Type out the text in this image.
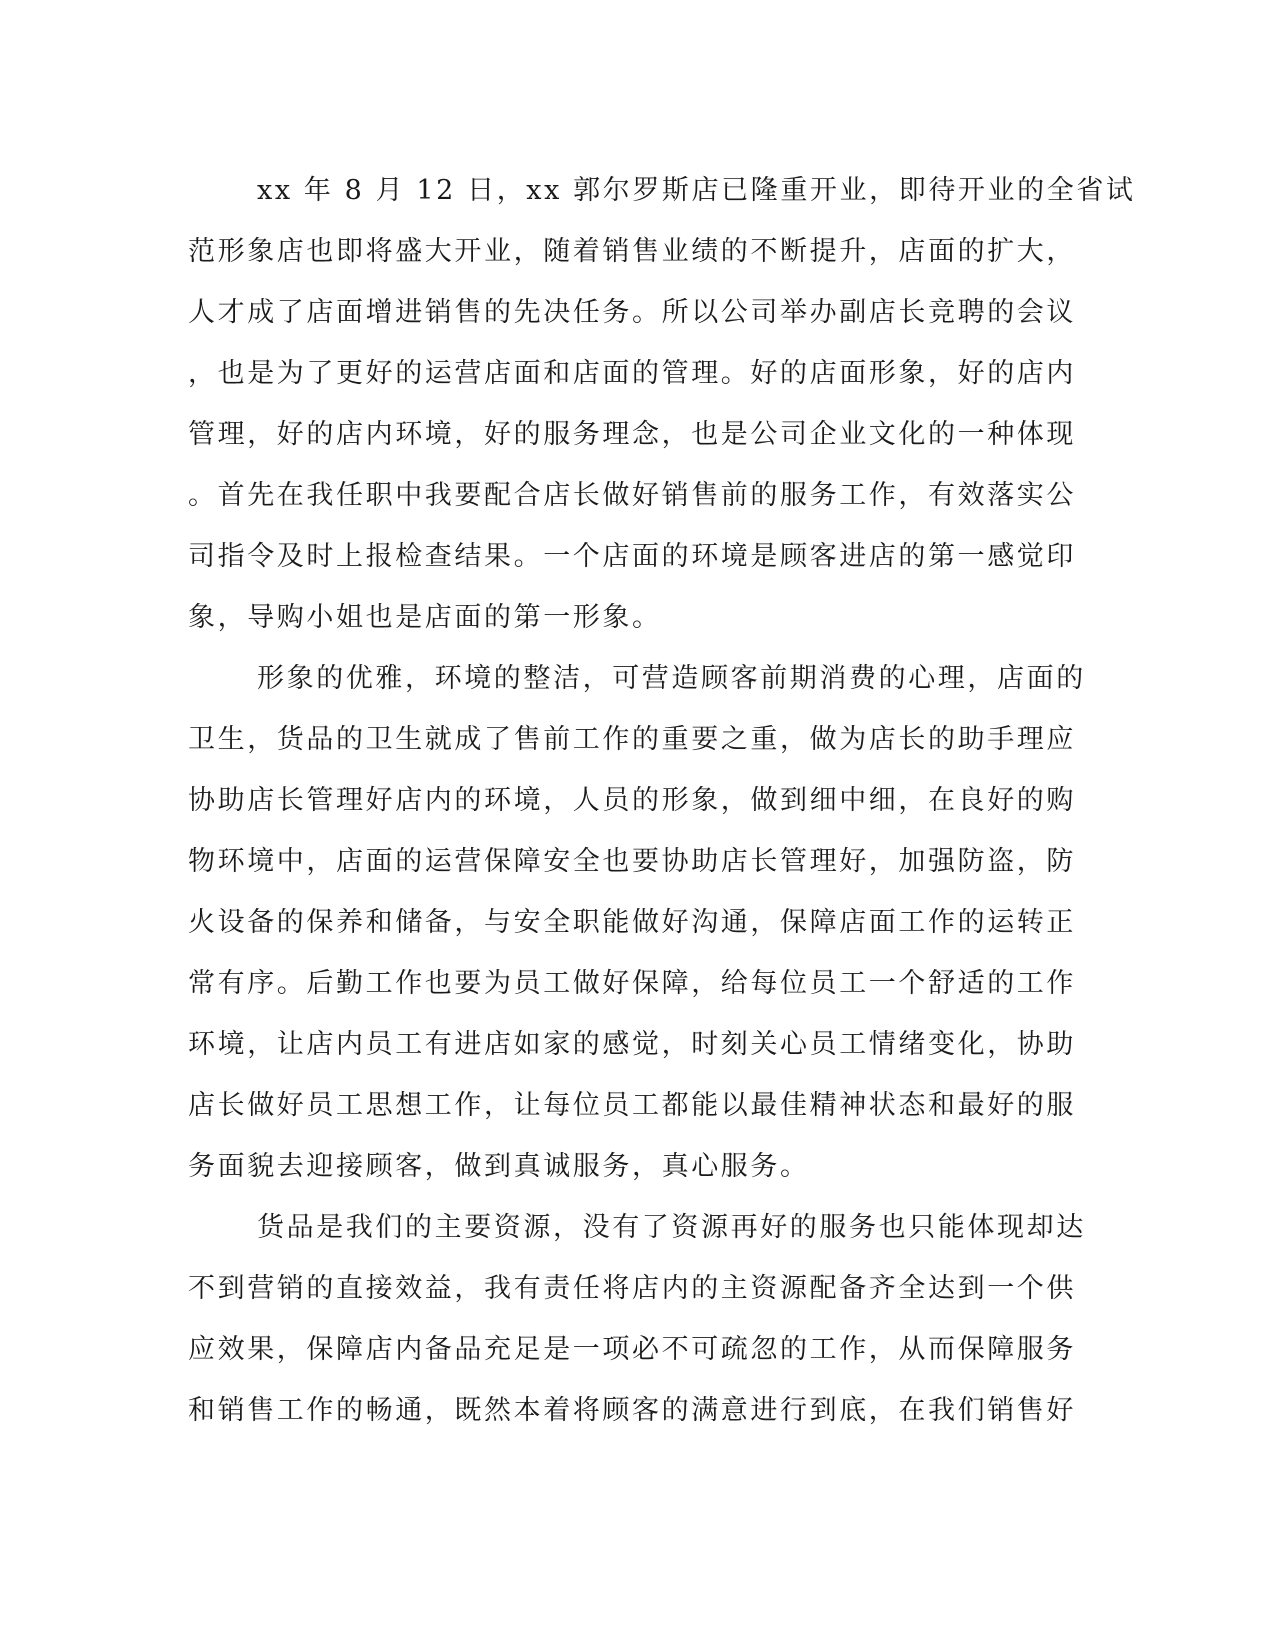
xx 年 8 月 12 日，xx 郭尔罗斯店已隆重开业，即待开业的全省试
范形象店也即将盛大开业，随着销售业绩的不断提升，店面的扩大，
人才成了店面增进销售的先决任务。所以公司举办副店长竞聘的会议
，也是为了更好的运营店面和店面的管理。好的店面形象，好的店内
管理，好的店内环境，好的服务理念，也是公司企业文化的一种体现
。首先在我任职中我要配合店长做好销售前的服务工作，有效落实公
司指令及时上报检查结果。一个店面的环境是顾客进店的第一感觉印
象，导购小姐也是店面的第一形象。
形象的优雅，环境的整洁，可营造顾客前期消费的心理，店面的
卫生，货品的卫生就成了售前工作的重要之重，做为店长的助手理应
协助店长管理好店内的环境，人员的形象，做到细中细，在良好的购
物环境中，店面的运营保障安全也要协助店长管理好，加强防盗，防
火设备的保养和储备，与安全职能做好沟通，保障店面工作的运转正
常有序。后勤工作也要为员工做好保障，给每位员工一个舒适的工作
环境，让店内员工有进店如家的感觉，时刻关心员工情绪变化，协助
店长做好员工思想工作，让每位员工都能以最佳精神状态和最好的服
务面貌去迎接顾客，做到真诚服务，真心服务。
货品是我们的主要资源，没有了资源再好的服务也只能体现却达
不到营销的直接效益，我有责任将店内的主资源配备齐全达到一个供
应效果，保障店内备品充足是一项必不可疏忽的工作，从而保障服务
和销售工作的畅通，既然本着将顾客的满意进行到底，在我们销售好
